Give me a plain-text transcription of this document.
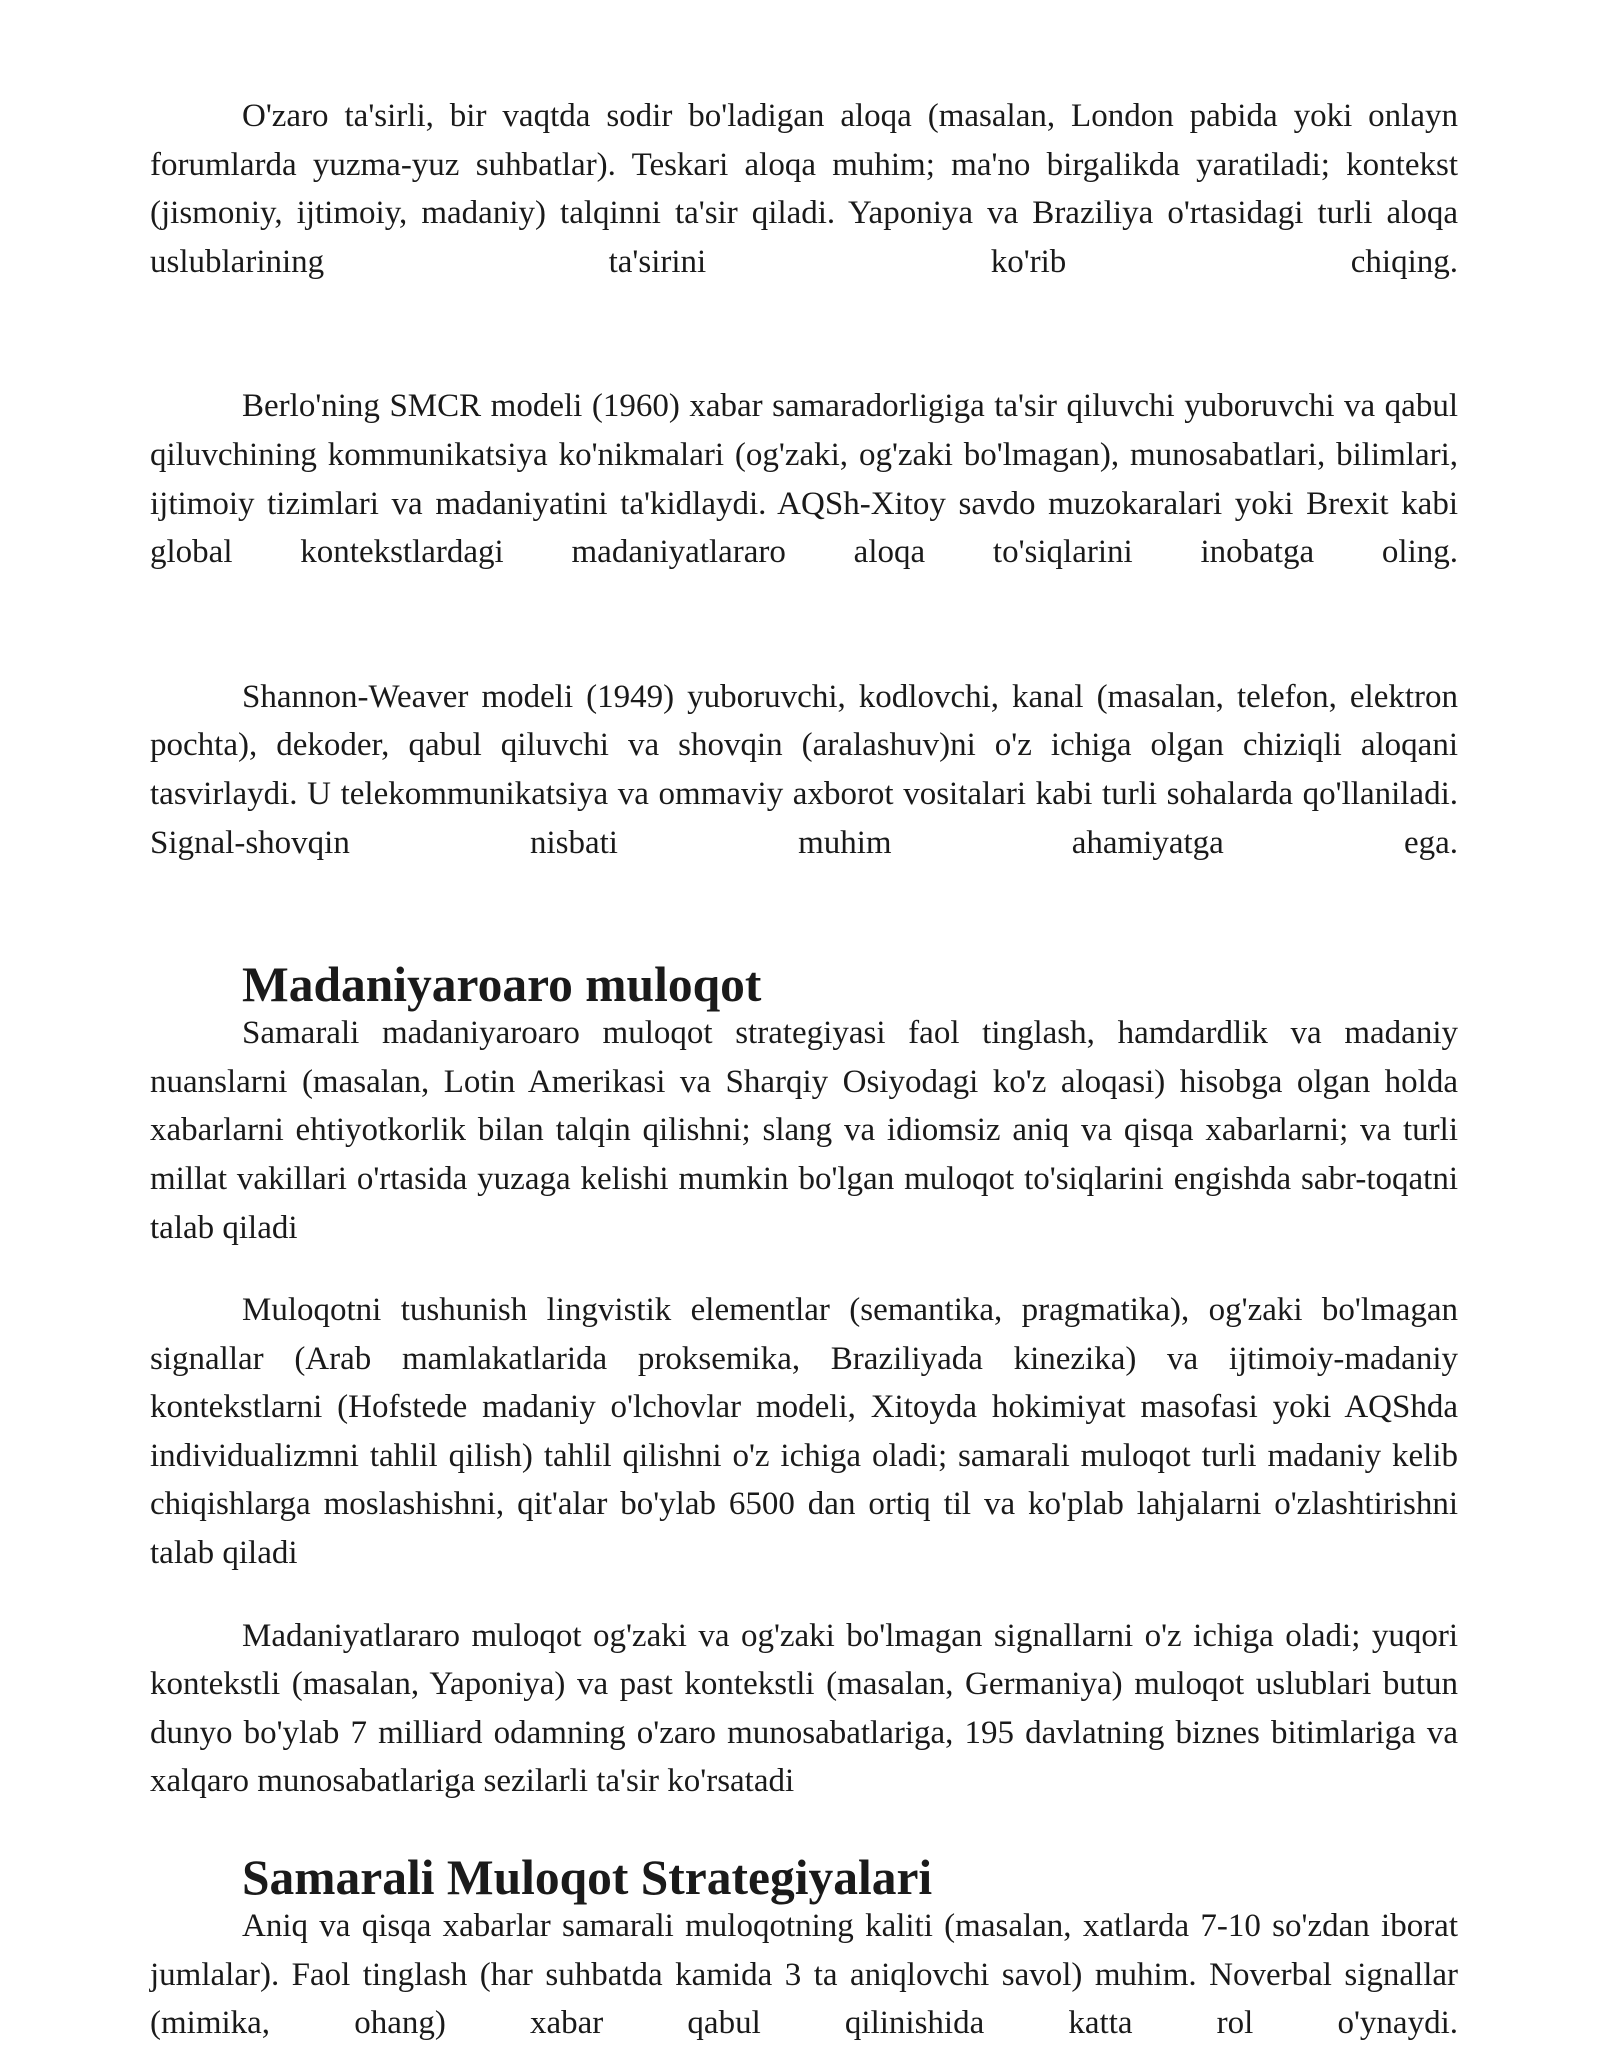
O'zaro ta'sirli, bir vaqtda sodir bo'ladigan aloqa (masalan, London pabida yoki onlayn forumlarda yuzma-yuz suhbatlar). Teskari aloqa muhim; ma'no birgalikda yaratiladi; kontekst (jismoniy, ijtimoiy, madaniy) talqinni ta'sir qiladi. Yaponiya va Braziliya o'rtasidagi turli aloqa uslublarining ta'sirini ko'rib chiqing.

Berlo'ning SMCR modeli (1960) xabar samaradorligiga ta'sir qiluvchi yuboruvchi va qabul qiluvchining kommunikatsiya ko'nikmalari (og'zaki, og'zaki bo'lmagan), munosabatlari, bilimlari, ijtimoiy tizimlari va madaniyatini ta'kidlaydi. AQSh-Xitoy savdo muzokaralari yoki Brexit kabi global kontekstlardagi madaniyatlararo aloqa to'siqlarini inobatga oling.

Shannon-Weaver modeli (1949) yuboruvchi, kodlovchi, kanal (masalan, telefon, elektron pochta), dekoder, qabul qiluvchi va shovqin (aralashuv)ni o'z ichiga olgan chiziqli aloqani tasvirlaydi. U telekommunikatsiya va ommaviy axborot vositalari kabi turli sohalarda qo'llaniladi. Signal-shovqin nisbati muhim ahamiyatga ega.

Madaniyaroaro muloqot

Samarali madaniyaroaro muloqot strategiyasi faol tinglash, hamdardlik va madaniy nuanslarni (masalan, Lotin Amerikasi va Sharqiy Osiyodagi ko'z aloqasi) hisobga olgan holda xabarlarni ehtiyotkorlik bilan talqin qilishni; slang va idiomsiz aniq va qisqa xabarlarni; va turli millat vakillari o'rtasida yuzaga kelishi mumkin bo'lgan muloqot to'siqlarini engishda sabr-toqatni talab qiladi

Muloqotni tushunish lingvistik elementlar (semantika, pragmatika), og'zaki bo'lmagan signallar (Arab mamlakatlarida proksemika, Braziliyada kinezika) va ijtimoiy-madaniy kontekstlarni (Hofstede madaniy o'lchovlar modeli, Xitoyda hokimiyat masofasi yoki AQShda individualizmni tahlil qilish) tahlil qilishni o'z ichiga oladi; samarali muloqot turli madaniy kelib chiqishlarga moslashishni, qit'alar bo'ylab 6500 dan ortiq til va ko'plab lahjalarni o'zlashtirishni talab qiladi

Madaniyatlararo muloqot og'zaki va og'zaki bo'lmagan signallarni o'z ichiga oladi; yuqori kontekstli (masalan, Yaponiya) va past kontekstli (masalan, Germaniya) muloqot uslublari butun dunyo bo'ylab 7 milliard odamning o'zaro munosabatlariga, 195 davlatning biznes bitimlariga va xalqaro munosabatlariga sezilarli ta'sir ko'rsatadi

Samarali Muloqot Strategiyalari

Aniq va qisqa xabarlar samarali muloqotning kaliti (masalan, xatlarda 7-10 so'zdan iborat jumlalar). Faol tinglash (har suhbatda kamida 3 ta aniqlovchi savol) muhim. Noverbal signallar (mimika, ohang) xabar qabul qilinishida katta rol o'ynaydi.
